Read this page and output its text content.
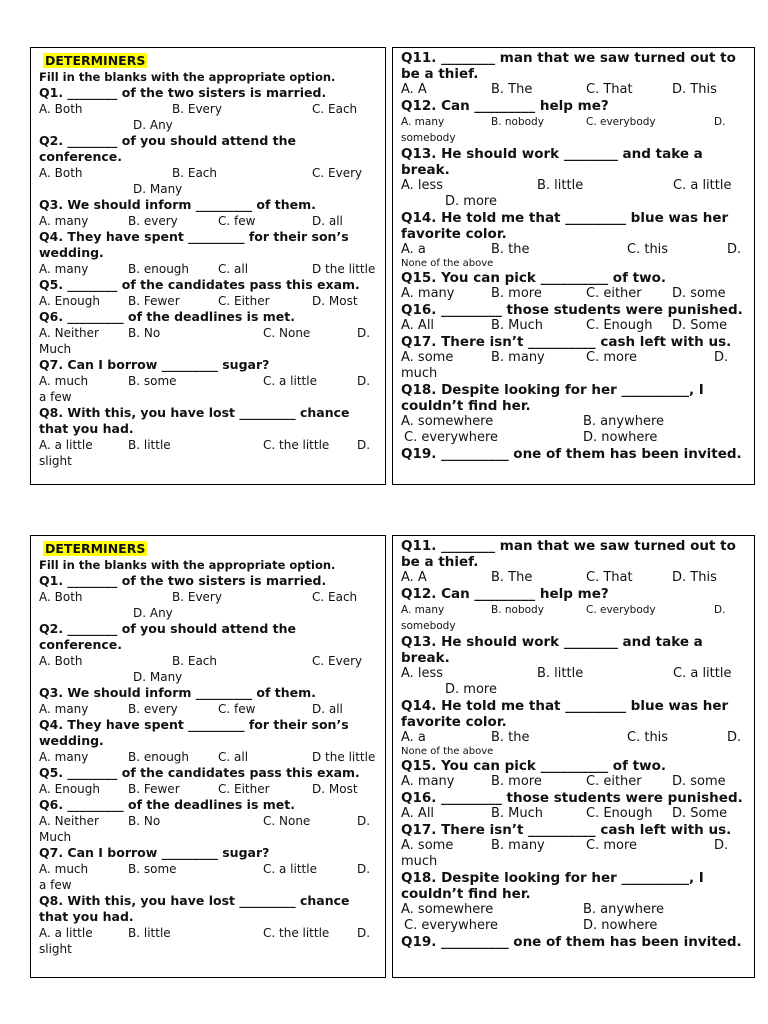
DETERMINERS
Fill in the blanks with the appropriate option.
Q1. ________ of the two sisters is married.
A. Both	B. Every	C. Each
D. Any
Q2. ________ of you should attend the conference.
A. Both	B. Each	C. Every
D. Many
Q3. We should inform _________ of them.
A. many	B. every	C. few	D. all
Q4. They have spent _________ for their son’s wedding.
A. many	B. enough	C. all	D the little
Q5. ________ of the candidates pass this exam.
A. Enough	B. Fewer	C. Either	D. Most
Q6. _________ of the deadlines is met.
A. Neither	B. No	C. None	D.
Much
Q7. Can I borrow _________ sugar?
A. much	B. some	C. a little	D.
a few
Q8. With this, you have lost _________ chance that you had.
A. a little	B. little	C. the little	D.
slight
Q11. ________ man that we saw turned out to be a thief.
A. A	B. The	C. That	D. This
Q12. Can _________ help me?
A. many	B. nobody	C. everybody	D.
somebody
Q13. He should work ________ and take a break.
A. less	B. little	C. a little
D. more
Q14. He told me that _________ blue was her favorite color.
A. a	B. the	C. this	D.
None of the above
Q15. You can pick __________ of two.
A. many	B. more	C. either	D. some
Q16. _________ those students were punished.
A. All	B. Much	C. Enough	D. Some
Q17. There isn’t __________ cash left with us.
A. some	B. many	C. more	D.
much
Q18. Despite looking for her __________, I couldn’t find her.
A. somewhere	B. anywhere
C. everywhere	D. nowhere
Q19. __________ one of them has been invited.
DETERMINERS
Fill in the blanks with the appropriate option.
Q1. ________ of the two sisters is married.
A. Both	B. Every	C. Each
D. Any
Q2. ________ of you should attend the conference.
A. Both	B. Each	C. Every
D. Many
Q3. We should inform _________ of them.
A. many	B. every	C. few	D. all
Q4. They have spent _________ for their son’s wedding.
A. many	B. enough	C. all	D the little
Q5. ________ of the candidates pass this exam.
A. Enough	B. Fewer	C. Either	D. Most
Q6. _________ of the deadlines is met.
A. Neither	B. No	C. None	D.
Much
Q7. Can I borrow _________ sugar?
A. much	B. some	C. a little	D.
a few
Q8. With this, you have lost _________ chance that you had.
A. a little	B. little	C. the little	D.
slight
Q11. ________ man that we saw turned out to be a thief.
A. A	B. The	C. That	D. This
Q12. Can _________ help me?
A. many	B. nobody	C. everybody	D.
somebody
Q13. He should work ________ and take a break.
A. less	B. little	C. a little
D. more
Q14. He told me that _________ blue was her favorite color.
A. a	B. the	C. this	D.
None of the above
Q15. You can pick __________ of two.
A. many	B. more	C. either	D. some
Q16. _________ those students were punished.
A. All	B. Much	C. Enough	D. Some
Q17. There isn’t __________ cash left with us.
A. some	B. many	C. more	D.
much
Q18. Despite looking for her __________, I couldn’t find her.
A. somewhere	B. anywhere
C. everywhere	D. nowhere
Q19. __________ one of them has been invited.
